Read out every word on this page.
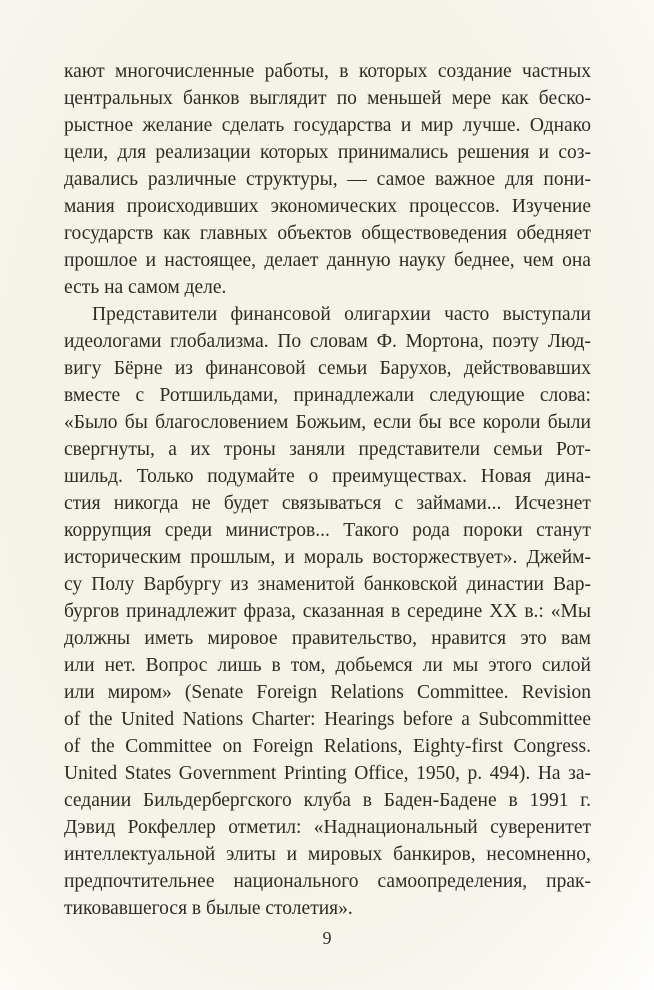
кают многочисленные работы, в которых создание частных
центральных банков выглядит по меньшей мере как беско-
рыстное желание сделать государства и мир лучше. Однако
цели, для реализации которых принимались решения и соз-
давались различные структуры, — самое важное для пони-
мания происходивших экономических процессов. Изучение
государств как главных объектов обществоведения обедняет
прошлое и настоящее, делает данную науку беднее, чем она
есть на самом деле.
Представители финансовой олигархии часто выступали
идеологами глобализма. По словам Ф. Мортона, поэту Люд-
вигу Бёрне из финансовой семьи Барухов, действовавших
вместе с Ротшильдами, принадлежали следующие слова:
«Было бы благословением Божьим, если бы все короли были
свергнуты, а их троны заняли представители семьи Рот-
шильд. Только подумайте о преимуществах. Новая дина-
стия никогда не будет связываться с займами... Исчезнет
коррупция среди министров... Такого рода пороки станут
историческим прошлым, и мораль восторжествует». Джейм-
су Полу Варбургу из знаменитой банковской династии Вар-
бургов принадлежит фраза, сказанная в середине XX в.: «Мы
должны иметь мировое правительство, нравится это вам
или нет. Вопрос лишь в том, добьемся ли мы этого силой
или миром» (Senate Foreign Relations Committee. Revision
of the United Nations Charter: Hearings before a Subcommittee
of the Committee on Foreign Relations, Eighty-first Congress.
United States Government Printing Office, 1950, p. 494). На за-
седании Бильдербергского клуба в Баден-Бадене в 1991 г.
Дэвид Рокфеллер отметил: «Наднациональный суверенитет
интеллектуальной элиты и мировых банкиров, несомненно,
предпочтительнее национального самоопределения, прак-
тиковавшегося в былые столетия».
9
